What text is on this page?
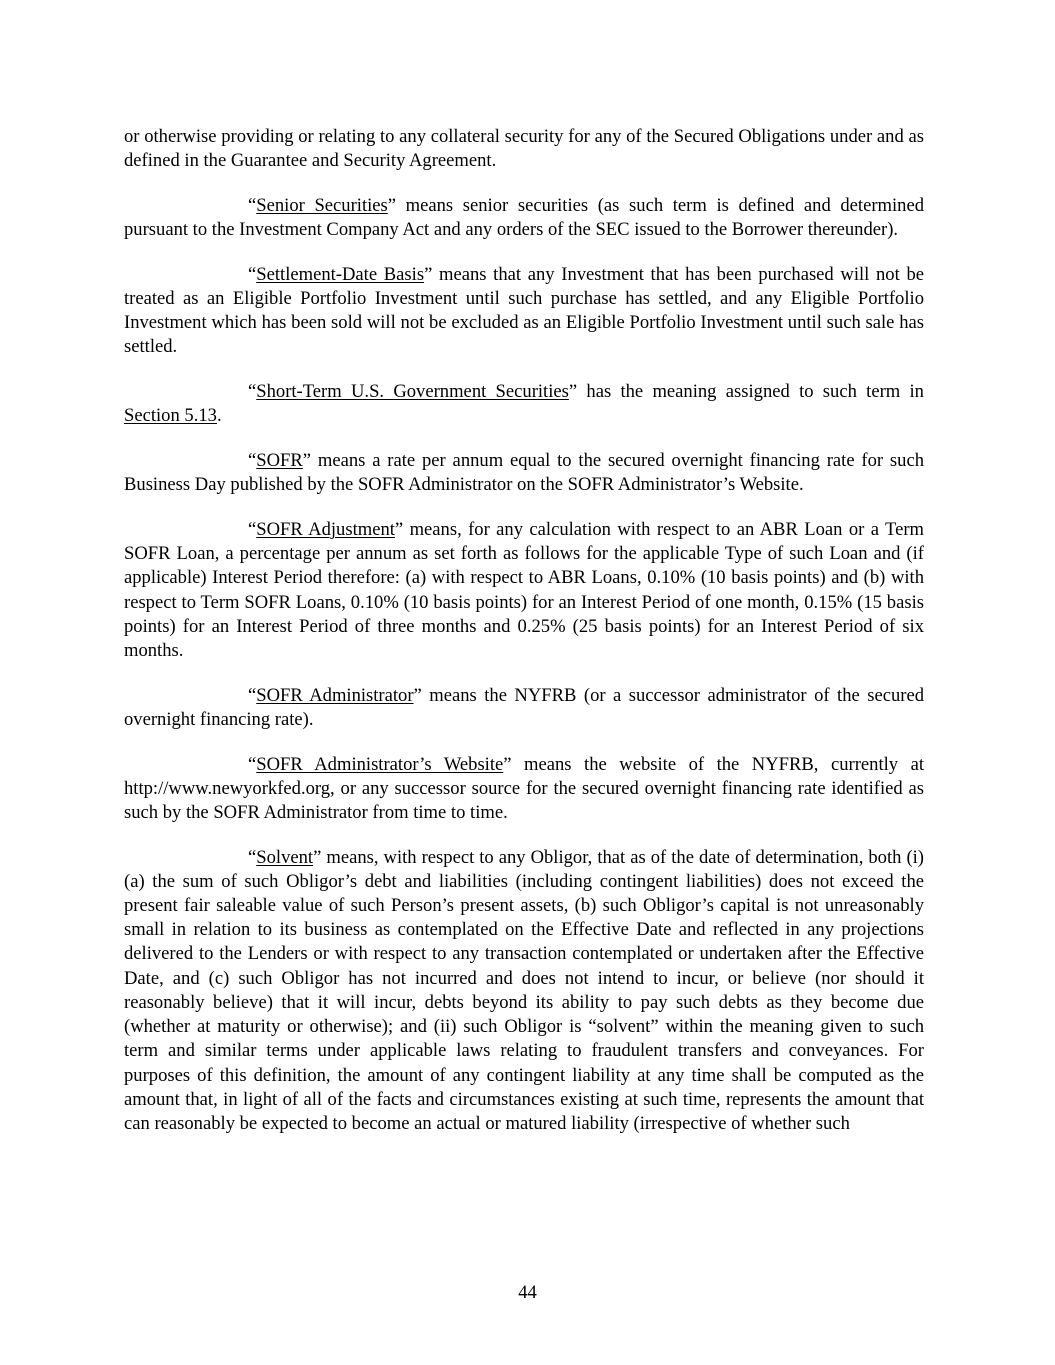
or otherwise providing or relating to any collateral security for any of the Secured Obligations under and as defined in the Guarantee and Security Agreement.

“Senior Securities” means senior securities (as such term is defined and determined pursuant to the Investment Company Act and any orders of the SEC issued to the Borrower thereunder).

“Settlement-Date Basis” means that any Investment that has been purchased will not be treated as an Eligible Portfolio Investment until such purchase has settled, and any Eligible Portfolio Investment which has been sold will not be excluded as an Eligible Portfolio Investment until such sale has settled.

“Short-Term U.S. Government Securities” has the meaning assigned to such term in Section 5.13.

“SOFR” means a rate per annum equal to the secured overnight financing rate for such Business Day published by the SOFR Administrator on the SOFR Administrator’s Website.

“SOFR Adjustment” means, for any calculation with respect to an ABR Loan or a Term SOFR Loan, a percentage per annum as set forth as follows for the applicable Type of such Loan and (if applicable) Interest Period therefore: (a) with respect to ABR Loans, 0.10% (10 basis points) and (b) with respect to Term SOFR Loans, 0.10% (10 basis points) for an Interest Period of one month, 0.15% (15 basis points) for an Interest Period of three months and 0.25% (25 basis points) for an Interest Period of six months.

“SOFR Administrator” means the NYFRB (or a successor administrator of the secured overnight financing rate).

“SOFR Administrator’s Website” means the website of the NYFRB, currently at http://www.newyorkfed.org, or any successor source for the secured overnight financing rate identified as such by the SOFR Administrator from time to time.

“Solvent” means, with respect to any Obligor, that as of the date of determination, both (i) (a) the sum of such Obligor’s debt and liabilities (including contingent liabilities) does not exceed the present fair saleable value of such Person’s present assets, (b) such Obligor’s capital is not unreasonably small in relation to its business as contemplated on the Effective Date and reflected in any projections delivered to the Lenders or with respect to any transaction contemplated or undertaken after the Effective Date, and (c) such Obligor has not incurred and does not intend to incur, or believe (nor should it reasonably believe) that it will incur, debts beyond its ability to pay such debts as they become due (whether at maturity or otherwise); and (ii) such Obligor is “solvent” within the meaning given to such term and similar terms under applicable laws relating to fraudulent transfers and conveyances. For purposes of this definition, the amount of any contingent liability at any time shall be computed as the amount that, in light of all of the facts and circumstances existing at such time, represents the amount that can reasonably be expected to become an actual or matured liability (irrespective of whether such

44
